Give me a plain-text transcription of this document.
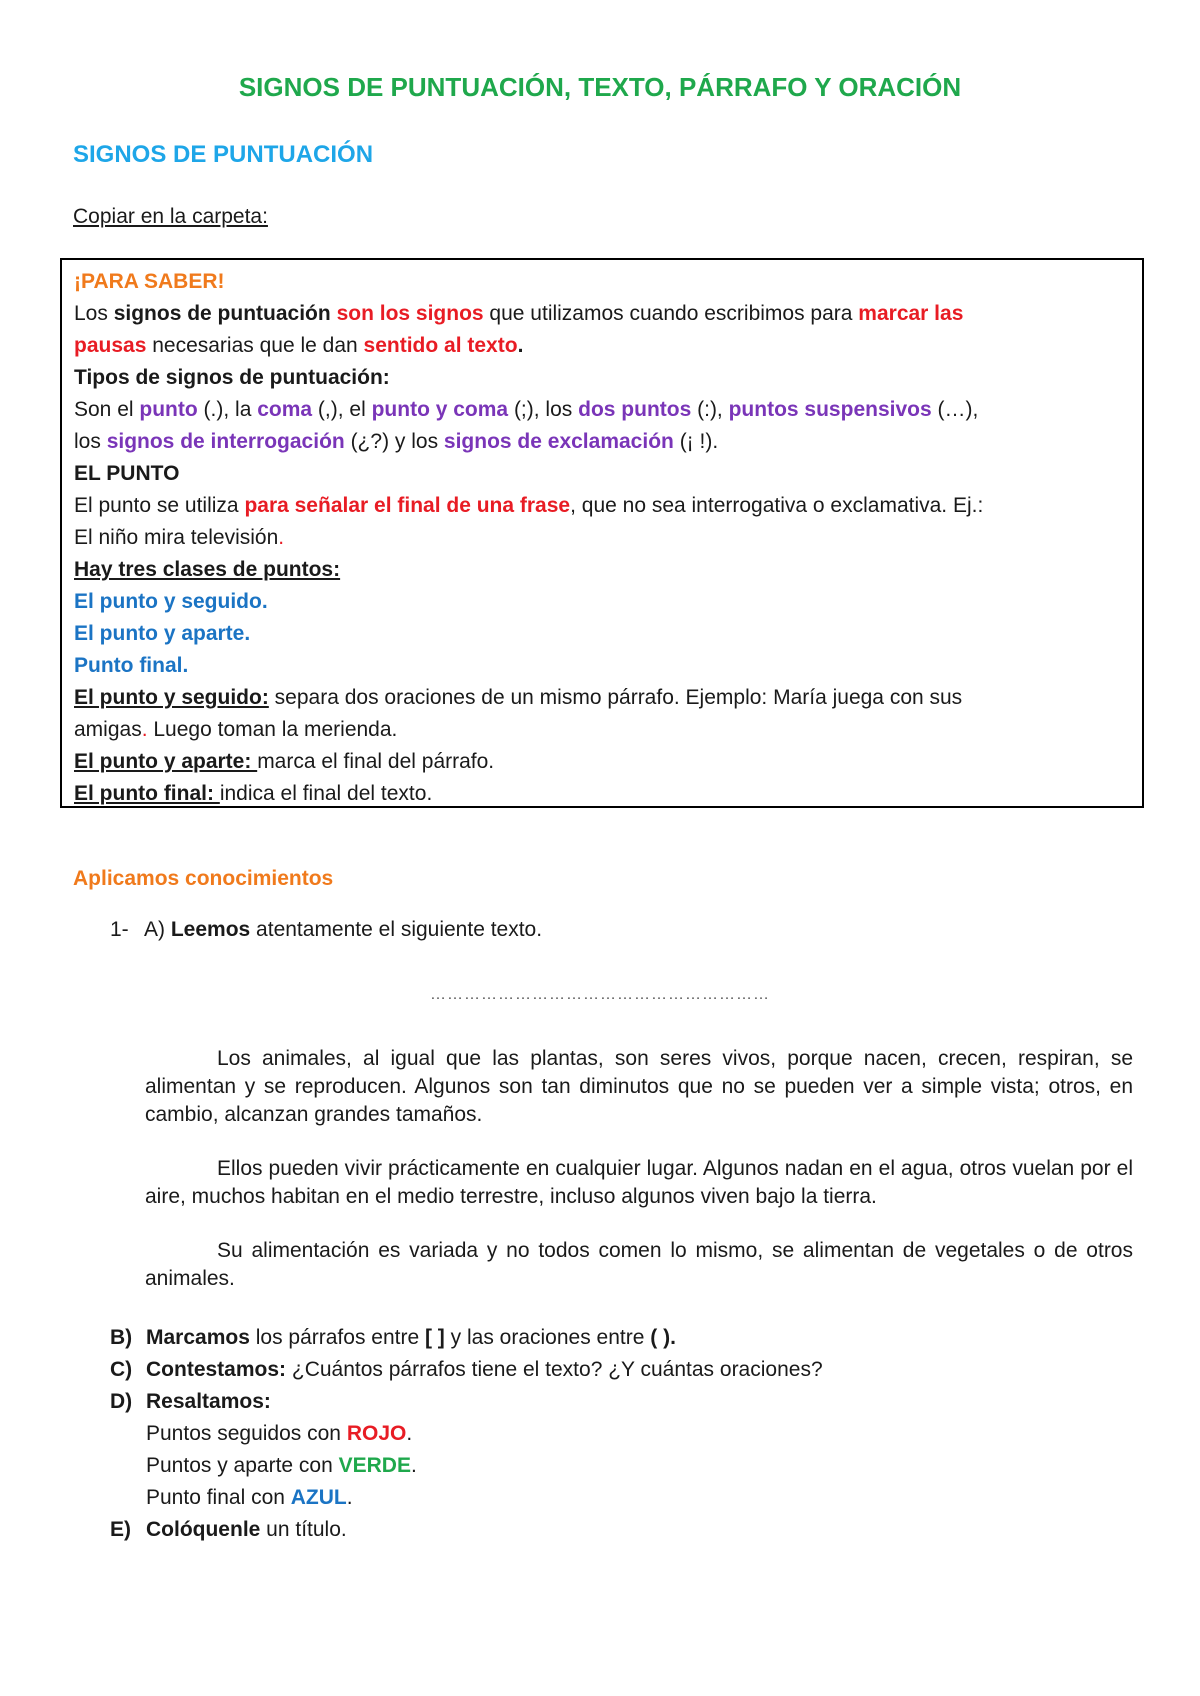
SIGNOS DE PUNTUACIÓN, TEXTO, PÁRRAFO Y ORACIÓN
SIGNOS DE PUNTUACIÓN
Copiar en la carpeta:
¡PARA SABER!
Los signos de puntuación son los signos que utilizamos cuando escribimos para marcar las
pausas necesarias que le dan sentido al texto.
Tipos de signos de puntuación:
Son el punto (.), la coma (,), el punto y coma (;), los dos puntos (:), puntos suspensivos (…),
los signos de interrogación (¿?) y los signos de exclamación (¡ !).
EL PUNTO
El punto se utiliza para señalar el final de una frase, que no sea interrogativa o exclamativa. Ej.:
El niño mira televisión.
Hay tres clases de puntos:
El punto y seguido.
El punto y aparte.
Punto final.
El punto y seguido: separa dos oraciones de un mismo párrafo. Ejemplo: María juega con sus
amigas. Luego toman la merienda.
El punto y aparte: marca el final del párrafo.
El punto final: indica el final del texto.
Aplicamos conocimientos
1- A) Leemos atentamente el siguiente texto.
……………………………………………………
Los animales, al igual que las plantas, son seres vivos, porque nacen, crecen, respiran, se alimentan y se reproducen. Algunos son tan diminutos que no se pueden ver a simple vista; otros, en cambio, alcanzan grandes tamaños.
Ellos pueden vivir prácticamente en cualquier lugar. Algunos nadan en el agua, otros vuelan por el aire, muchos habitan en el medio terrestre, incluso algunos viven bajo la tierra.
Su alimentación es variada y no todos comen lo mismo, se alimentan de vegetales o de otros animales.
B) Marcamos los párrafos entre [ ] y las oraciones entre ( ).
C) Contestamos: ¿Cuántos párrafos tiene el texto? ¿Y cuántas oraciones?
D) Resaltamos:
Puntos seguidos con ROJO.
Puntos y aparte con VERDE.
Punto final con AZUL.
E) Colóquenle un título.
